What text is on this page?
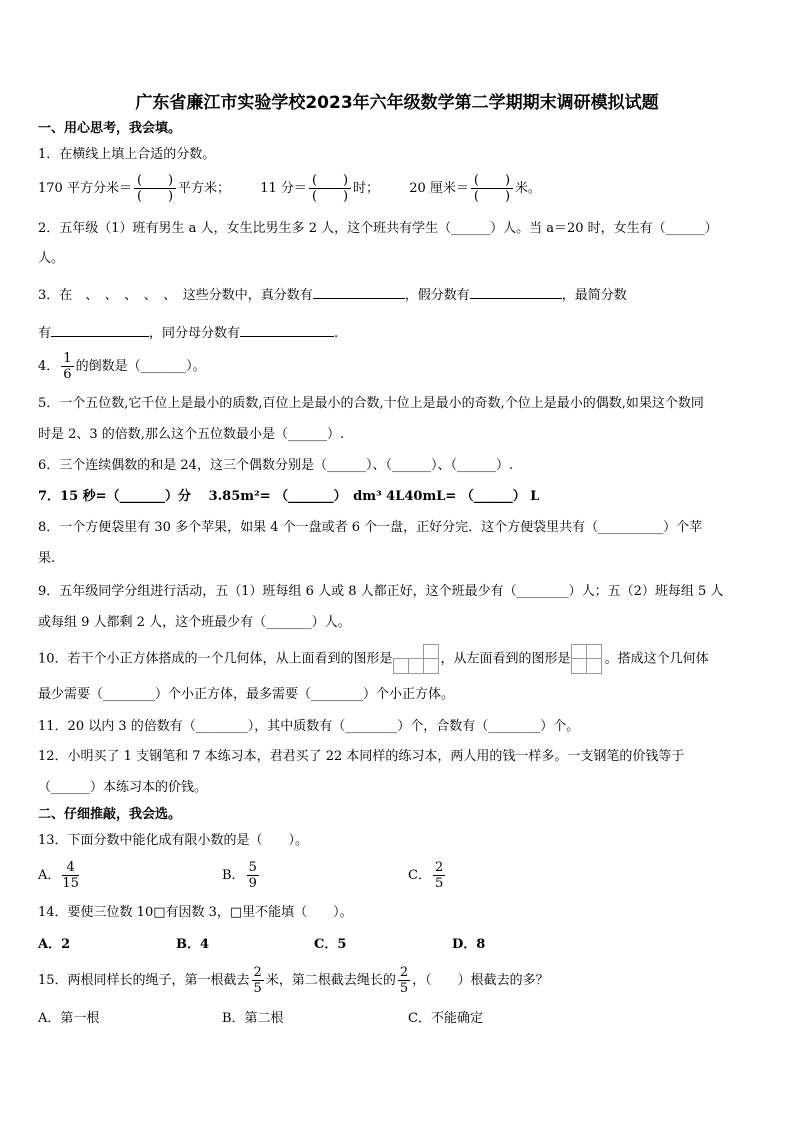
广东省廉江市实验学校2023年六年级数学第二学期期末调研模拟试题
一、用心思考，我会填。
1．在横线上填上合适的分数。
170 平方分米＝ $\frac{( )}{( )}$ 平方米； 11 分＝ $\frac{( )}{( )}$ 时； 20 厘米＝ $\frac{( )}{( )}$ 米。
2．五年级（1）班有男生 a 人，女生比男生多 2 人，这个班共有学生（______）人。当 a＝20 时，女生有（______）
人。
3．在　、　、　、　、　、　这些分数中，真分数有	，假分数有	，最简分数
有	，同分母分数有	.
4． $\frac{1}{6}$ 的倒数是（_______）。
5．一个五位数,它千位上是最小的质数,百位上是最小的合数,十位上是最小的奇数,个位上是最小的偶数,如果这个数同
时是 2、3 的倍数,那么这个五位数最小是（______）.
6．三个连续偶数的和是 24，这三个偶数分别是（______）、（______）、（______）.
7．15 秒=（_______）分　 3.85m²= （_______）　dm³ 4L40mL= （______） L
8．一个方便袋里有 30 多个苹果，如果 4 个一盘或者 6 个一盘，正好分完．这个方便袋里共有（__________）个苹
果.
9．五年级同学分组进行活动，五（1）班每组 6 人或 8 人都正好，这个班最少有（________）人；五（2）班每组 5 人
或每组 9 人都剩 2 人，这个班最少有（_______）人。
10．若干个小正方体搭成的一个几何体，从上面看到的图形是	，从左面看到的图形是	。搭成这个几何体
最少需要（________）个小正方体，最多需要（________）个小正方体。
11．20 以内 3 的倍数有（________），其中质数有（________）个，合数有（________）个。
12．小明买了 1 支钢笔和 7 本练习本，君君买了 22 本同样的练习本，两人用的钱一样多。一支钢笔的价钱等于
（______）本练习本的价钱。
二、仔细推敲，我会选。
13．下面分数中能化成有限小数的是（　　）。
A． $\frac{4}{15}$	B． $\frac{5}{9}$	C． $\frac{2}{5}$
14．要使三位数 10□有因数 3，□里不能填（　　）。
A．2	B．4	C．5	D．8
15．两根同样长的绳子，第一根截去 $\frac{2}{5}$ 米，第二根截去绳长的 $\frac{2}{5}$ ，（　　）根截去的多？
A．第一根	B．第二根	C．不能确定
